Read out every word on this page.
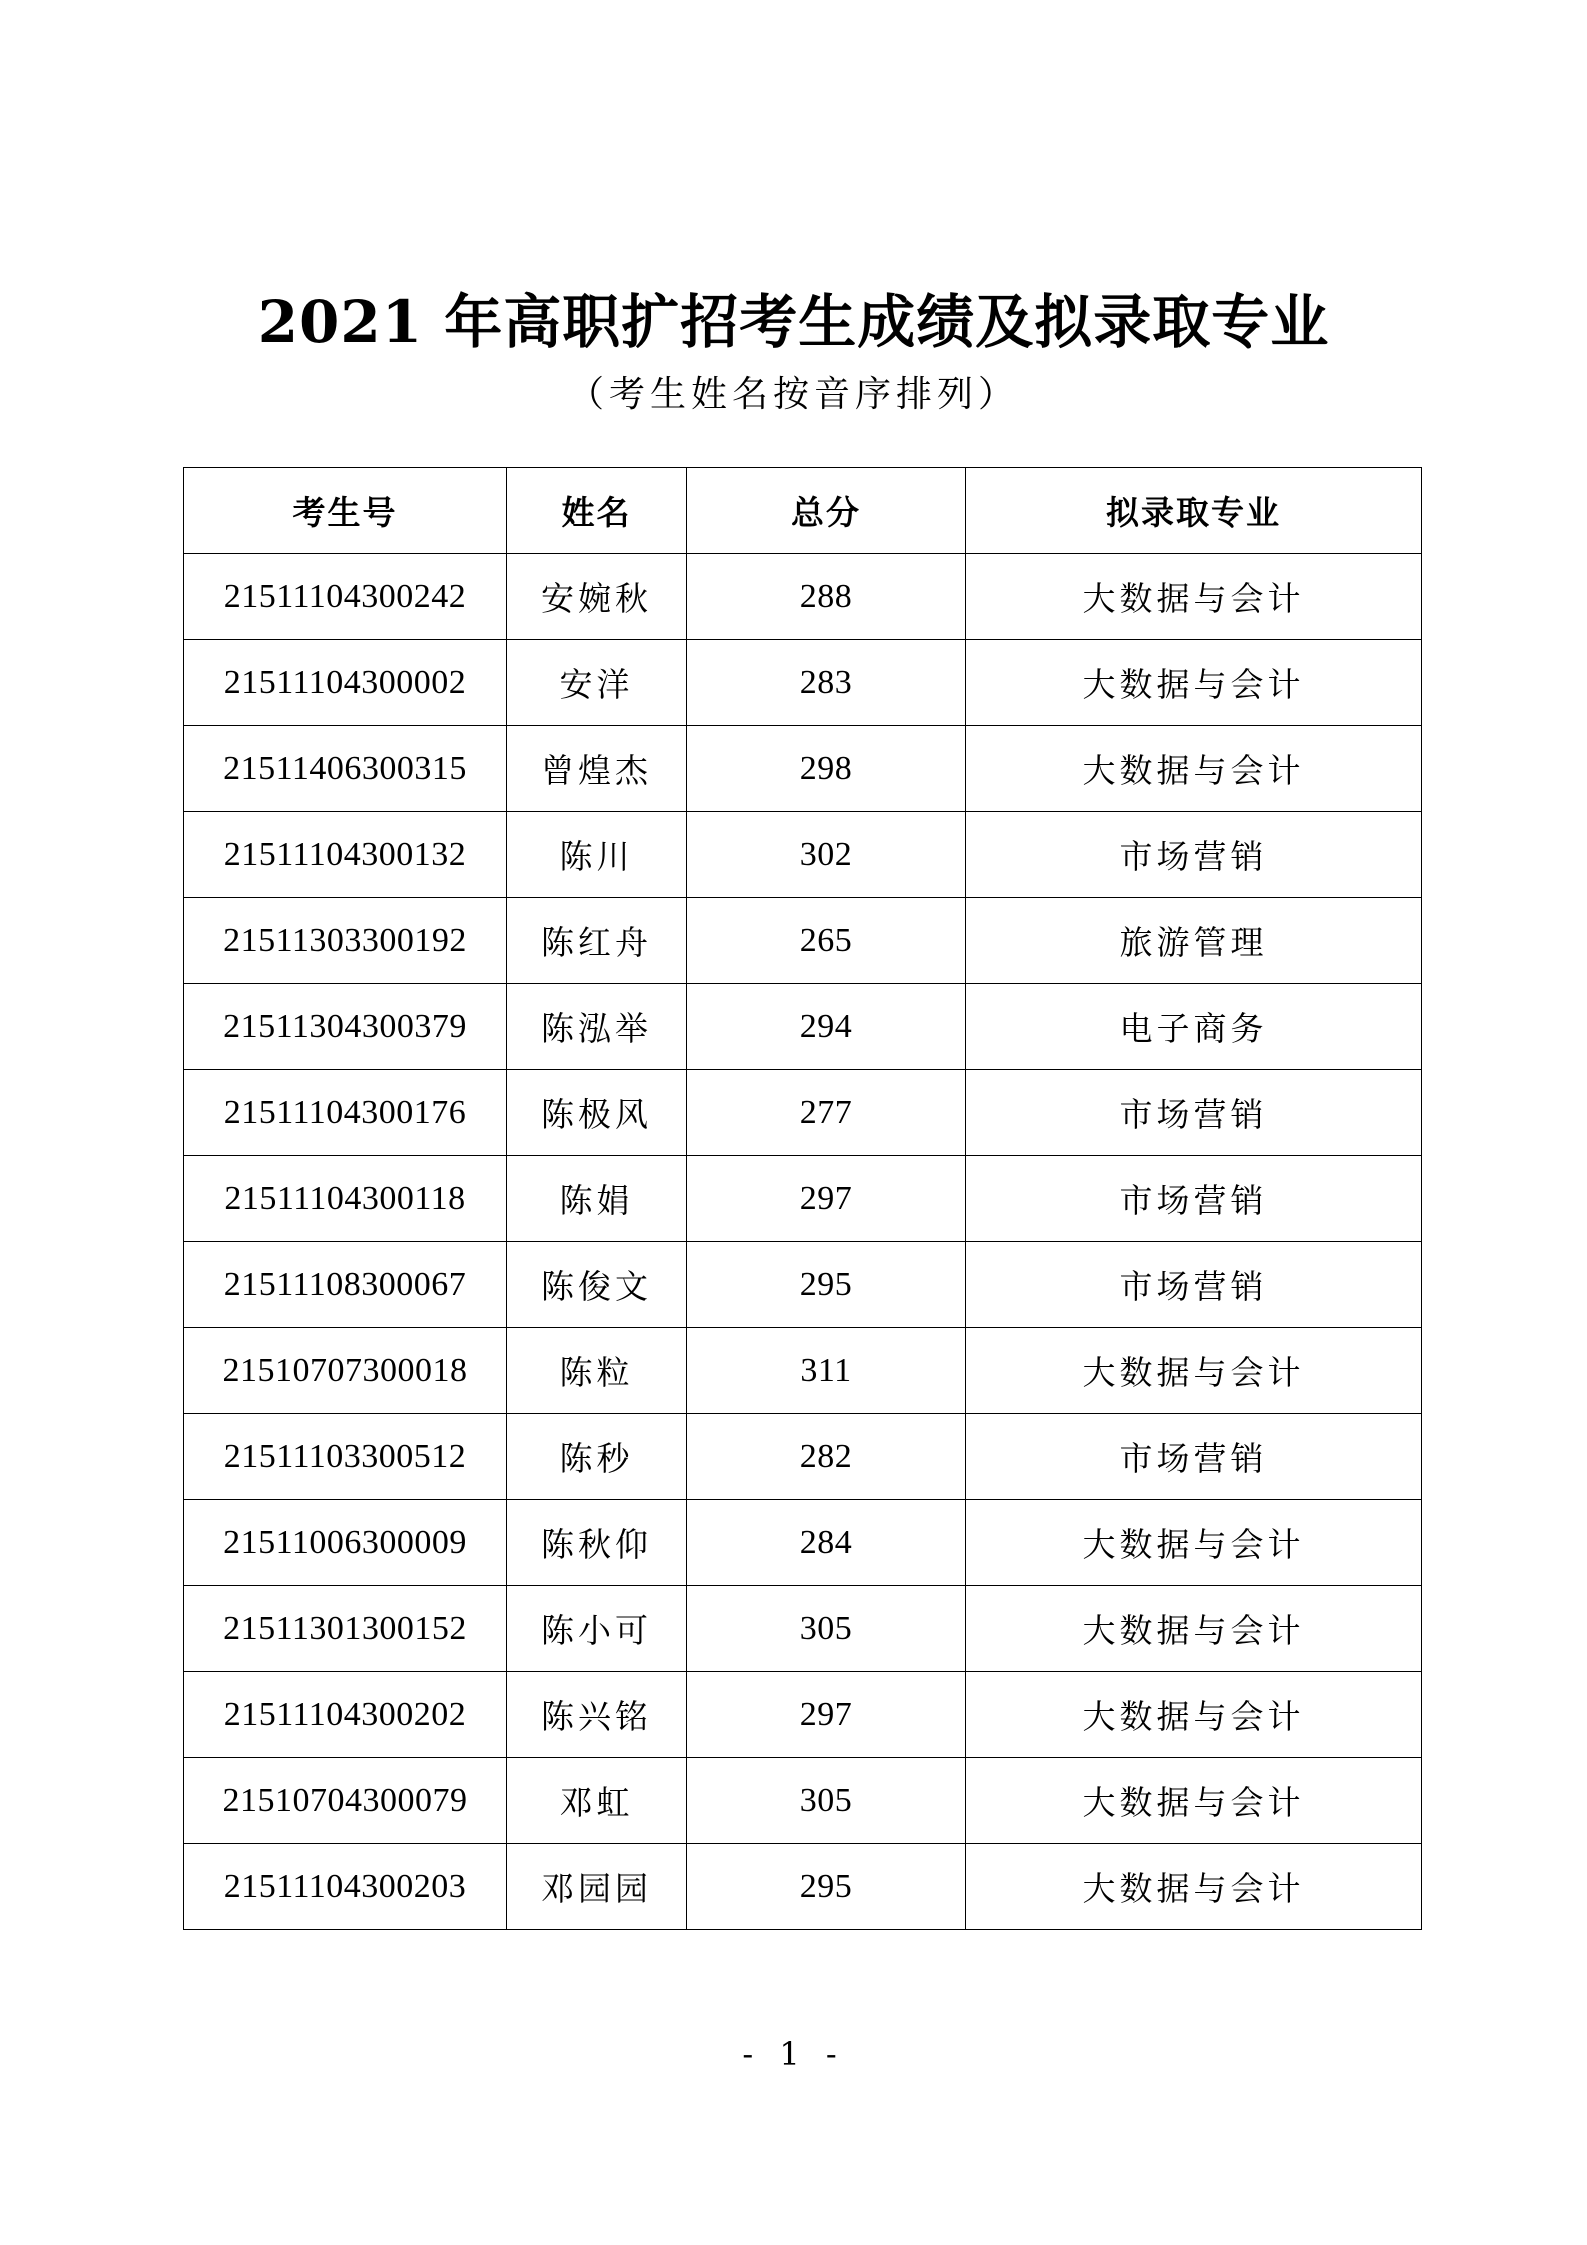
2021 年高职扩招考生成绩及拟录取专业
（考生姓名按音序排列）
考生号	姓名	总分	拟录取专业
21511104300242	安婉秋	288	大数据与会计
21511104300002	安洋	283	大数据与会计
21511406300315	曾煌杰	298	大数据与会计
21511104300132	陈川	302	市场营销
21511303300192	陈红舟	265	旅游管理
21511304300379	陈泓举	294	电子商务
21511104300176	陈极风	277	市场营销
21511104300118	陈娟	297	市场营销
21511108300067	陈俊文	295	市场营销
21510707300018	陈粒	311	大数据与会计
21511103300512	陈秒	282	市场营销
21511006300009	陈秋仰	284	大数据与会计
21511301300152	陈小可	305	大数据与会计
21511104300202	陈兴铭	297	大数据与会计
21510704300079	邓虹	305	大数据与会计
21511104300203	邓园园	295	大数据与会计
- 1 -
